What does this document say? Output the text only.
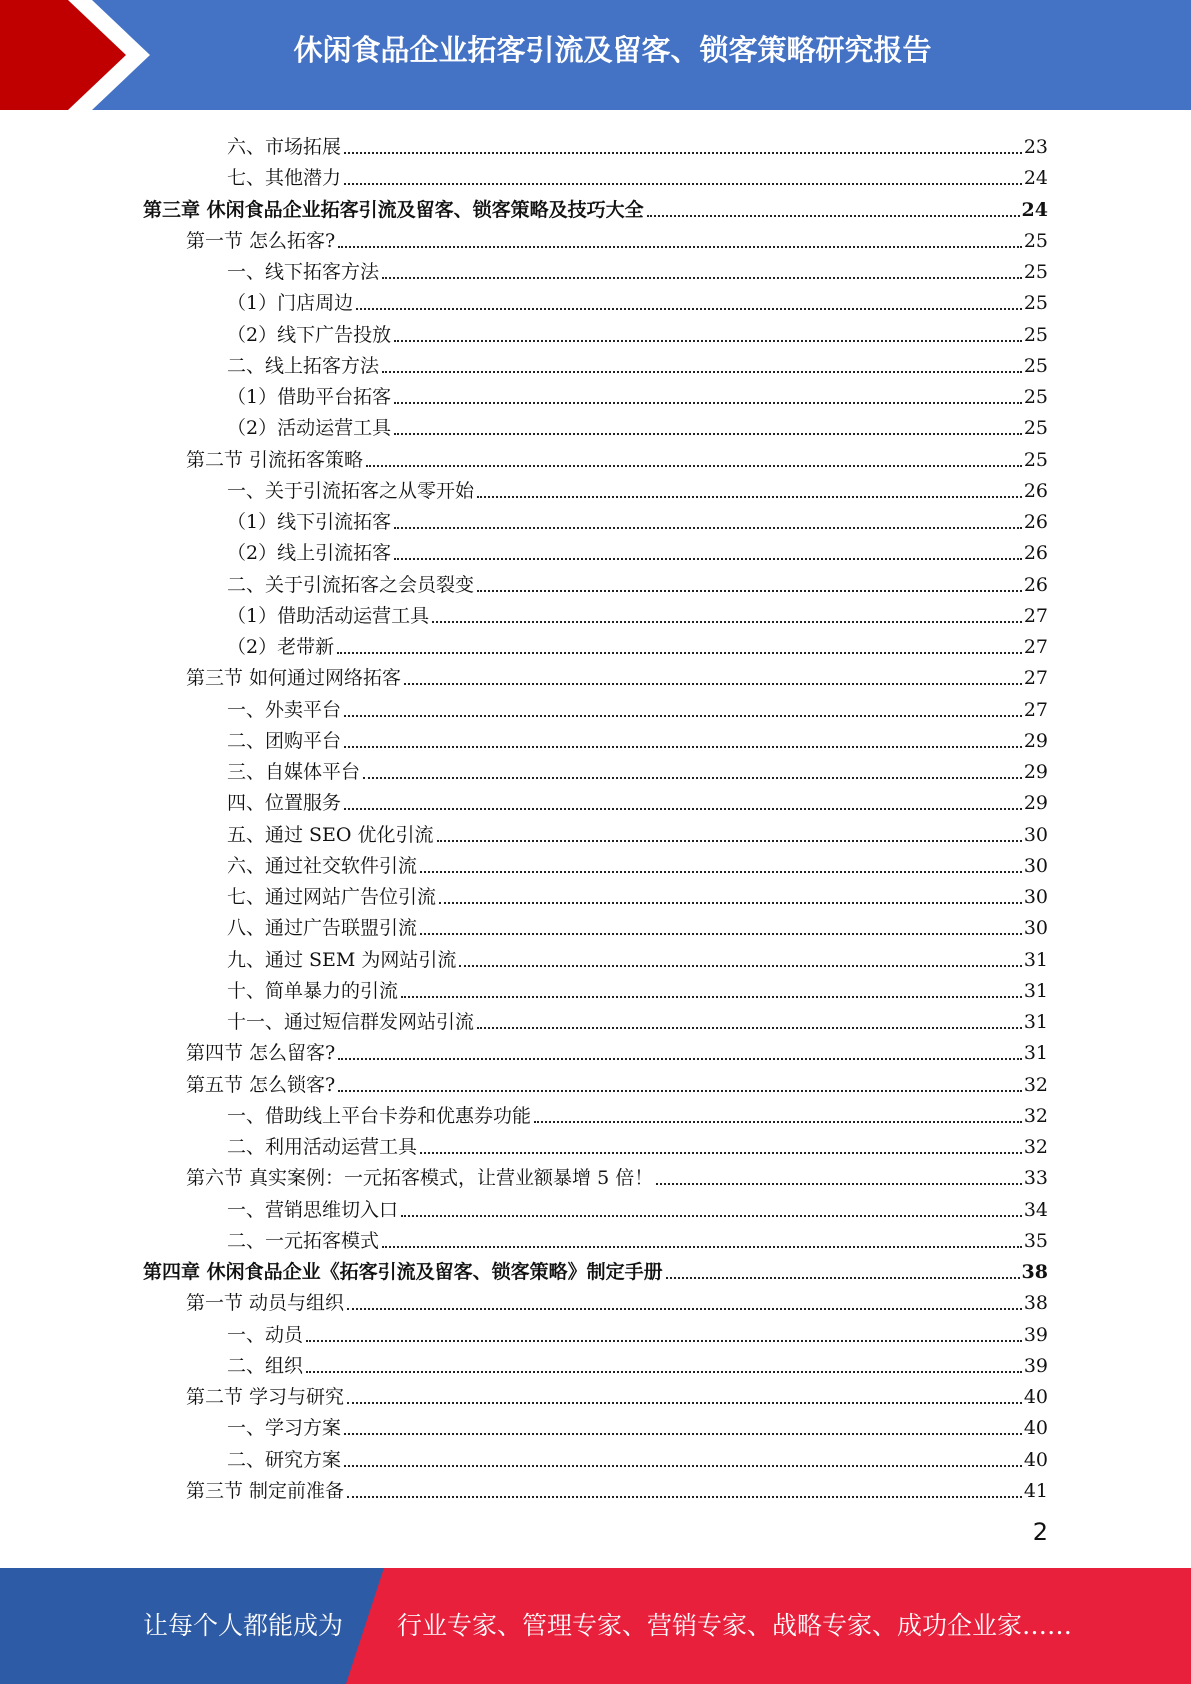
休闲食品企业拓客引流及留客、锁客策略研究报告
六、市场拓展	23
七、其他潜力	24
第三章 休闲食品企业拓客引流及留客、锁客策略及技巧大全	24
第一节 怎么拓客?	25
一、线下拓客方法	25
（1）门店周边	25
（2）线下广告投放	25
二、线上拓客方法	25
（1）借助平台拓客	25
（2）活动运营工具	25
第二节 引流拓客策略	25
一、关于引流拓客之从零开始	26
（1）线下引流拓客	26
（2）线上引流拓客	26
二、关于引流拓客之会员裂变	26
（1）借助活动运营工具	27
（2）老带新	27
第三节 如何通过网络拓客	27
一、外卖平台	27
二、团购平台	29
三、自媒体平台	29
四、位置服务	29
五、通过 SEO 优化引流	30
六、通过社交软件引流	30
七、通过网站广告位引流	30
八、通过广告联盟引流	30
九、通过 SEM 为网站引流	31
十、简单暴力的引流	31
十一、通过短信群发网站引流	31
第四节 怎么留客?	31
第五节 怎么锁客?	32
一、借助线上平台卡券和优惠券功能	32
二、利用活动运营工具	32
第六节 真实案例：一元拓客模式，让营业额暴增 5 倍！	33
一、营销思维切入口	34
二、一元拓客模式	35
第四章 休闲食品企业《拓客引流及留客、锁客策略》制定手册	38
第一节 动员与组织	38
一、动员	39
二、组织	39
第二节 学习与研究	40
一、学习方案	40
二、研究方案	40
第三节 制定前准备	41
2
让每个人都能成为 行业专家、管理专家、营销专家、战略专家、成功企业家……
